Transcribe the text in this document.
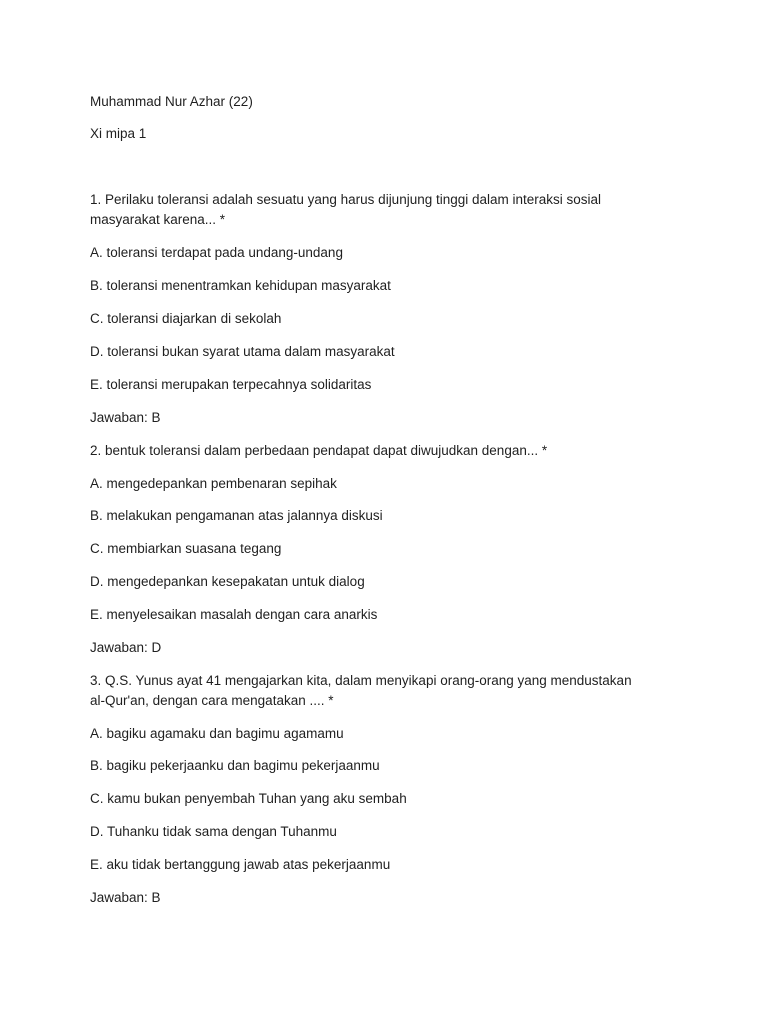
Muhammad Nur Azhar (22)
Xi mipa 1
1. Perilaku toleransi adalah sesuatu yang harus dijunjung tinggi dalam interaksi sosial masyarakat karena... *
A. toleransi terdapat pada undang-undang
B. toleransi menentramkan kehidupan masyarakat
C. toleransi diajarkan di sekolah
D. toleransi bukan syarat utama dalam masyarakat
E. toleransi merupakan terpecahnya solidaritas
Jawaban: B
2. bentuk toleransi dalam perbedaan pendapat dapat diwujudkan dengan... *
A. mengedepankan pembenaran sepihak
B. melakukan pengamanan atas jalannya diskusi
C. membiarkan suasana tegang
D. mengedepankan kesepakatan untuk dialog
E. menyelesaikan masalah dengan cara anarkis
Jawaban: D
3. Q.S. Yunus ayat 41 mengajarkan kita, dalam menyikapi orang-orang yang mendustakan al-Qur'an, dengan cara mengatakan .... *
A. bagiku agamaku dan bagimu agamamu
B. bagiku pekerjaanku dan bagimu pekerjaanmu
C. kamu bukan penyembah Tuhan yang aku sembah
D. Tuhanku tidak sama dengan Tuhanmu
E. aku tidak bertanggung jawab atas pekerjaanmu
Jawaban: B
